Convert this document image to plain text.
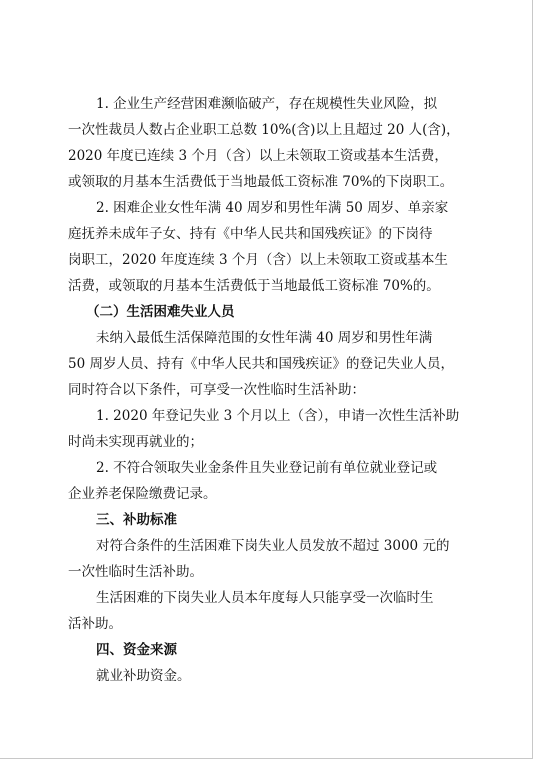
1. 企业生产经营困难濒临破产，存在规模性失业风险，拟
一次性裁员人数占企业职工总数 10%(含)以上且超过 20 人(含)，
2020 年度已连续 3 个月（含）以上未领取工资或基本生活费，
或领取的月基本生活费低于当地最低工资标准 70%的下岗职工。
2. 困难企业女性年满 40 周岁和男性年满 50 周岁、单亲家
庭抚养未成年子女、持有《中华人民共和国残疾证》的下岗待
岗职工，2020 年度连续 3 个月（含）以上未领取工资或基本生
活费，或领取的月基本生活费低于当地最低工资标准 70%的。
（二）生活困难失业人员
未纳入最低生活保障范围的女性年满 40 周岁和男性年满
50 周岁人员、持有《中华人民共和国残疾证》的登记失业人员，
同时符合以下条件，可享受一次性临时生活补助：
1. 2020 年登记失业 3 个月以上（含），申请一次性生活补助
时尚未实现再就业的；
2. 不符合领取失业金条件且失业登记前有单位就业登记或
企业养老保险缴费记录。
三、补助标准
对符合条件的生活困难下岗失业人员发放不超过 3000 元的
一次性临时生活补助。
生活困难的下岗失业人员本年度每人只能享受一次临时生
活补助。
四、资金来源
就业补助资金。
